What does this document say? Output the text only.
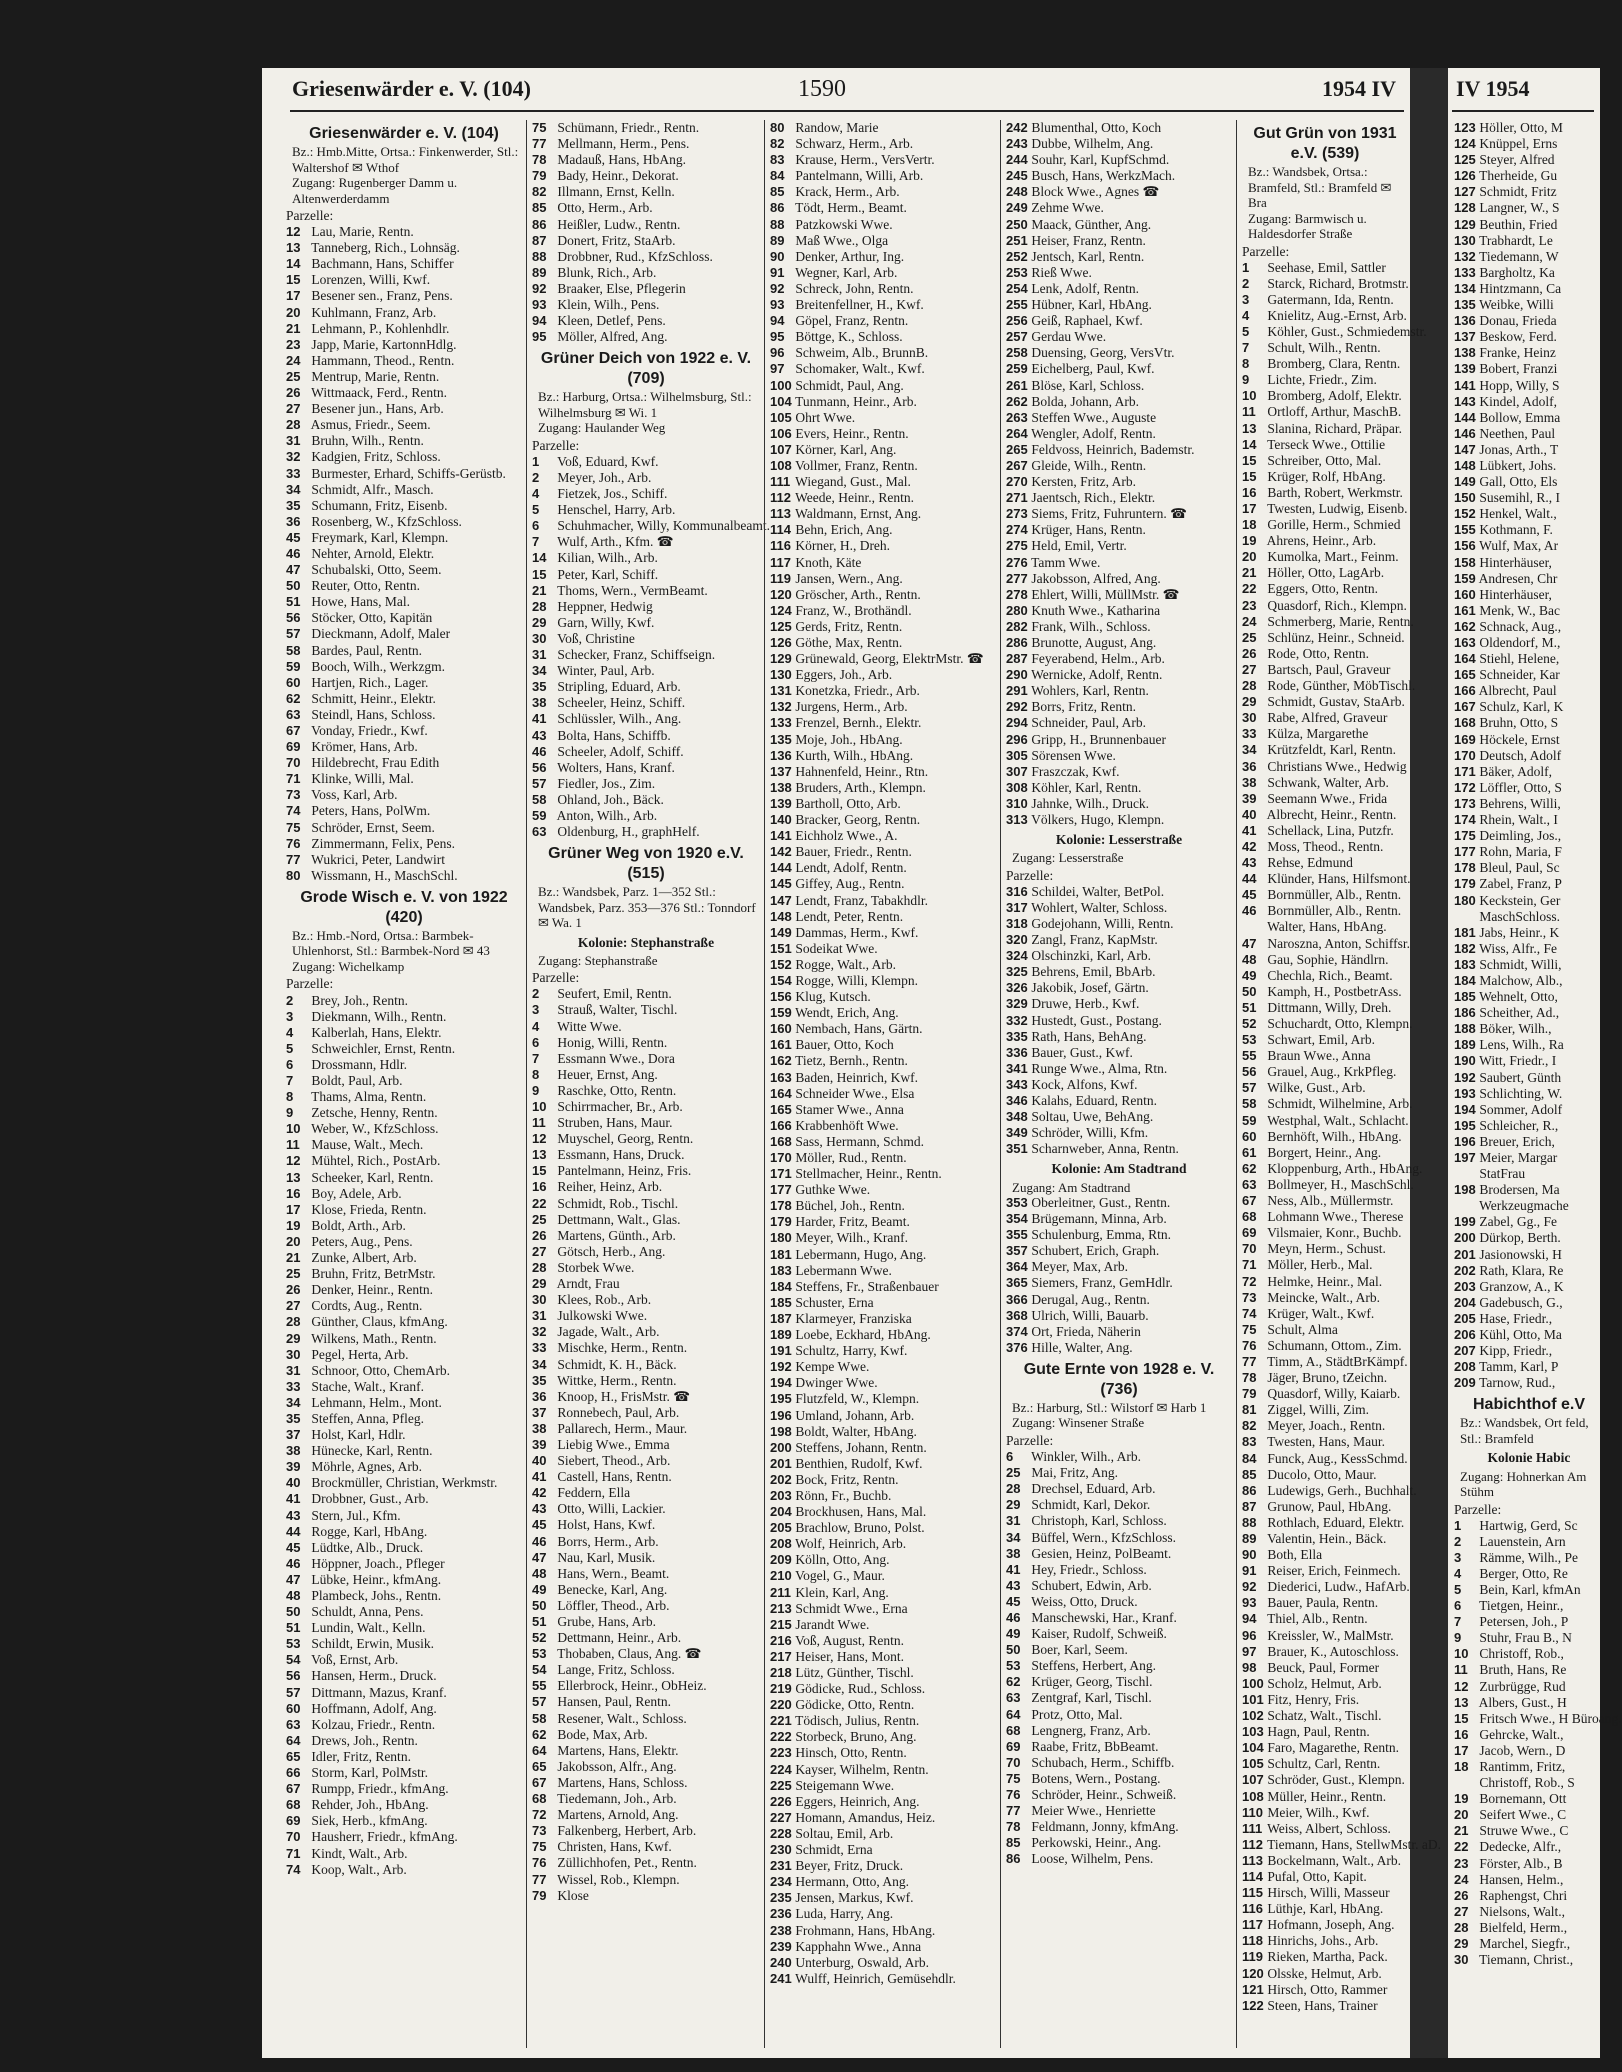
Griesenwärder e. V. (104)	1590	1954 IV
Griesenwärder e. V. (104)
Bz.: Hmb.Mitte, Ortsa.: Finkenwerder, Stl.: Waltershof ✉ Wthof
Zugang: Rugenberger Damm u. Altenwerderdamm
Parzelle:
12 Lau, Marie, Rentn.
13 Tanneberg, Rich., Lohnsäg.
14 Bachmann, Hans, Schiffer
15 Lorenzen, Willi, Kwf.
17 Besener sen., Franz, Pens.
20 Kuhlmann, Franz, Arb.
21 Lehmann, P., Kohlenhdlr.
23 Japp, Marie, KartonnHdlg.
24 Hammann, Theod., Rentn.
25 Mentrup, Marie, Rentn.
26 Wittmaack, Ferd., Rentn.
27 Besener jun., Hans, Arb.
28 Asmus, Friedr., Seem.
31 Bruhn, Wilh., Rentn.
32 Kadgien, Fritz, Schloss.
33 Burmester, Erhard, Schiffs-Gerüstb.
34 Schmidt, Alfr., Masch.
35 Schumann, Fritz, Eisenb.
36 Rosenberg, W., KfzSchloss.
45 Freymark, Karl, Klempn.
46 Nehter, Arnold, Elektr.
47 Schubalski, Otto, Seem.
50 Reuter, Otto, Rentn.
51 Howe, Hans, Mal.
56 Stöcker, Otto, Kapitän
57 Dieckmann, Adolf, Maler
58 Bardes, Paul, Rentn.
59 Booch, Wilh., Werkzgm.
60 Hartjen, Rich., Lager.
62 Schmitt, Heinr., Elektr.
63 Steindl, Hans, Schloss.
67 Vonday, Friedr., Kwf.
69 Krömer, Hans, Arb.
70 Hildebrecht, Frau Edith
71 Klinke, Willi, Mal.
73 Voss, Karl, Arb.
74 Peters, Hans, PolWm.
75 Schröder, Ernst, Seem.
76 Zimmermann, Felix, Pens.
77 Wukrici, Peter, Landwirt
80 Wissmann, H., MaschSchl.
Grode Wisch e. V. von 1922 (420)
Bz.: Hmb.-Nord, Ortsa.: Barmbek-Uhlenhorst, Stl.: Barmbek-Nord ✉ 43
Zugang: Wichelkamp
Parzelle:
2 Brey, Joh., Rentn.
3 Diekmann, Wilh., Rentn.
4 Kalberlah, Hans, Elektr.
5 Schweichler, Ernst, Rentn.
6 Drossmann, Hdlr.
7 Boldt, Paul, Arb.
8 Thams, Alma, Rentn.
9 Zetsche, Henny, Rentn.
10 Weber, W., KfzSchloss.
11 Mause, Walt., Mech.
12 Mühtel, Rich., PostArb.
13 Scheeker, Karl, Rentn.
16 Boy, Adele, Arb.
17 Klose, Frieda, Rentn.
19 Boldt, Arth., Arb.
20 Peters, Aug., Pens.
21 Zunke, Albert, Arb.
25 Bruhn, Fritz, BetrMstr.
26 Denker, Heinr., Rentn.
27 Cordts, Aug., Rentn.
28 Günther, Claus, kfmAng.
29 Wilkens, Math., Rentn.
30 Pegel, Herta, Arb.
31 Schnoor, Otto, ChemArb.
33 Stache, Walt., Kranf.
34 Lehmann, Helm., Mont.
35 Steffen, Anna, Pfleg.
37 Holst, Karl, Hdlr.
38 Hünecke, Karl, Rentn.
39 Möhrle, Agnes, Arb.
40 Brockmüller, Christian, Werkmstr.
41 Drobbner, Gust., Arb.
43 Stern, Jul., Kfm.
44 Rogge, Karl, HbAng.
45 Lüdtke, Alb., Druck.
46 Höppner, Joach., Pfleger
47 Lübke, Heinr., kfmAng.
48 Plambeck, Johs., Rentn.
50 Schuldt, Anna, Pens.
51 Lundin, Walt., Kelln.
53 Schildt, Erwin, Musik.
54 Voß, Ernst, Arb.
56 Hansen, Herm., Druck.
57 Dittmann, Mazus, Kranf.
60 Hoffmann, Adolf, Ang.
63 Kolzau, Friedr., Rentn.
64 Drews, Joh., Rentn.
65 Idler, Fritz, Rentn.
66 Storm, Karl, PolMstr.
67 Rumpp, Friedr., kfmAng.
68 Rehder, Joh., HbAng.
69 Siek, Herb., kfmAng.
70 Hausherr, Friedr., kfmAng.
71 Kindt, Walt., Arb.
74 Koop, Walt., Arb.
75 Schümann, Friedr., Rentn.
77 Mellmann, Herm., Pens.
78 Madauß, Hans, HbAng.
79 Bady, Heinr., Dekorat.
82 Illmann, Ernst, Kelln.
85 Otto, Herm., Arb.
86 Heißler, Ludw., Rentn.
87 Donert, Fritz, StaArb.
88 Drobbner, Rud., KfzSchloss.
89 Blunk, Rich., Arb.
92 Braaker, Else, Pflegerin
93 Klein, Wilh., Pens.
94 Kleen, Detlef, Pens.
95 Möller, Alfred, Ang.
Grüner Deich von 1922 e. V. (709)
Bz.: Harburg, Ortsa.: Wilhelmsburg, Stl.: Wilhelmsburg ✉ Wi. 1
Zugang: Haulander Weg
Parzelle:
1 Voß, Eduard, Kwf.
2 Meyer, Joh., Arb.
4 Fietzek, Jos., Schiff.
5 Henschel, Harry, Arb.
6 Schuhmacher, Willy, Kommunalbeamt.
7 Wulf, Arth., Kfm. ☎
14 Kilian, Wilh., Arb.
15 Peter, Karl, Schiff.
21 Thoms, Wern., VermBeamt.
28 Heppner, Hedwig
29 Garn, Willy, Kwf.
30 Voß, Christine
31 Schecker, Franz, Schiffseign.
34 Winter, Paul, Arb.
35 Stripling, Eduard, Arb.
38 Scheeler, Heinz, Schiff.
41 Schlüssler, Wilh., Ang.
43 Bolta, Hans, Schiffb.
46 Scheeler, Adolf, Schiff.
56 Wolters, Hans, Kranf.
57 Fiedler, Jos., Zim.
58 Ohland, Joh., Bäck.
59 Anton, Wilh., Arb.
63 Oldenburg, H., graphHelf.
Grüner Weg von 1920 e.V. (515)
Bz.: Wandsbek, Parz. 1—352 Stl.: Wandsbek, Parz. 353—376 Stl.: Tonndorf ✉ Wa. 1
Kolonie: Stephanstraße
Zugang: Stephanstraße
Parzelle:
2 Seufert, Emil, Rentn.
3 Strauß, Walter, Tischl.
4 Witte Wwe.
6 Honig, Willi, Rentn.
7 Essmann Wwe., Dora
8 Heuer, Ernst, Ang.
9 Raschke, Otto, Rentn.
10 Schirrmacher, Br., Arb.
11 Struben, Hans, Maur.
12 Muyschel, Georg, Rentn.
13 Essmann, Hans, Druck.
15 Pantelmann, Heinz, Fris.
16 Reiher, Heinz, Arb.
22 Schmidt, Rob., Tischl.
25 Dettmann, Walt., Glas.
26 Martens, Günth., Arb.
27 Götsch, Herb., Ang.
28 Storbek Wwe.
29 Arndt, Frau
30 Klees, Rob., Arb.
31 Julkowski Wwe.
32 Jagade, Walt., Arb.
33 Mischke, Herm., Rentn.
34 Schmidt, K. H., Bäck.
35 Wittke, Herm., Rentn.
36 Knoop, H., FrisMstr. ☎
37 Ronnebech, Paul, Arb.
38 Pallarech, Herm., Maur.
39 Liebig Wwe., Emma
40 Siebert, Theod., Arb.
41 Castell, Hans, Rentn.
42 Feddern, Ella
43 Otto, Willi, Lackier.
45 Holst, Hans, Kwf.
46 Borrs, Herm., Arb.
47 Nau, Karl, Musik.
48 Hans, Wern., Beamt.
49 Benecke, Karl, Ang.
50 Löffler, Theod., Arb.
51 Grube, Hans, Arb.
52 Dettmann, Heinr., Arb.
53 Thobaben, Claus, Ang. ☎
54 Lange, Fritz, Schloss.
55 Ellerbrock, Heinr., ObHeiz.
57 Hansen, Paul, Rentn.
58 Resener, Walt., Schloss.
62 Bode, Max, Arb.
64 Martens, Hans, Elektr.
65 Jakobsson, Alfr., Ang.
67 Martens, Hans, Schloss.
68 Tiedemann, Joh., Arb.
72 Martens, Arnold, Ang.
73 Falkenberg, Herbert, Arb.
75 Christen, Hans, Kwf.
76 Züllichhofen, Pet., Rentn.
77 Wissel, Rob., Klempn.
79 Klose
80 Randow, Marie
82 Schwarz, Herm., Arb.
83 Krause, Herm., VersVertr.
84 Pantelmann, Willi, Arb.
85 Krack, Herm., Arb.
86 Tödt, Herm., Beamt.
88 Patzkowski Wwe.
89 Maß Wwe., Olga
90 Denker, Arthur, Ing.
91 Wegner, Karl, Arb.
92 Schreck, John, Rentn.
93 Breitenfellner, H., Kwf.
94 Göpel, Franz, Rentn.
95 Böttge, K., Schloss.
96 Schweim, Alb., BrunnB.
97 Schomaker, Walt., Kwf.
100 Schmidt, Paul, Ang.
104 Tunmann, Heinr., Arb.
105 Ohrt Wwe.
106 Evers, Heinr., Rentn.
107 Körner, Karl, Ang.
108 Vollmer, Franz, Rentn.
111 Wiegand, Gust., Mal.
112 Weede, Heinr., Rentn.
113 Waldmann, Ernst, Ang.
114 Behn, Erich, Ang.
116 Körner, H., Dreh.
117 Knoth, Käte
119 Jansen, Wern., Ang.
120 Gröscher, Arth., Rentn.
124 Franz, W., Brothändl.
125 Gerds, Fritz, Rentn.
126 Göthe, Max, Rentn.
129 Grünewald, Georg, ElektrMstr. ☎
130 Eggers, Joh., Arb.
131 Konetzka, Friedr., Arb.
132 Jurgens, Herm., Arb.
133 Frenzel, Bernh., Elektr.
135 Moje, Joh., HbAng.
136 Kurth, Wilh., HbAng.
137 Hahnenfeld, Heinr., Rtn.
138 Bruders, Arth., Klempn.
139 Bartholl, Otto, Arb.
140 Bracker, Georg, Rentn.
141 Eichholz Wwe., A.
142 Bauer, Friedr., Rentn.
144 Lendt, Adolf, Rentn.
145 Giffey, Aug., Rentn.
147 Lendt, Franz, Tabakhdlr.
148 Lendt, Peter, Rentn.
149 Dammas, Herm., Kwf.
151 Sodeikat Wwe.
152 Rogge, Walt., Arb.
154 Rogge, Willi, Klempn.
156 Klug, Kutsch.
159 Wendt, Erich, Ang.
160 Nembach, Hans, Gärtn.
161 Bauer, Otto, Koch
162 Tietz, Bernh., Rentn.
163 Baden, Heinrich, Kwf.
164 Schneider Wwe., Elsa
165 Stamer Wwe., Anna
166 Krabbenhöft Wwe.
168 Sass, Hermann, Schmd.
170 Möller, Rud., Rentn.
171 Stellmacher, Heinr., Rentn.
177 Guthke Wwe.
178 Büchel, Joh., Rentn.
179 Harder, Fritz, Beamt.
180 Meyer, Wilh., Kranf.
181 Lebermann, Hugo, Ang.
183 Lebermann Wwe.
184 Steffens, Fr., Straßenbauer
185 Schuster, Erna
187 Klarmeyer, Franziska
189 Loebe, Eckhard, HbAng.
191 Schultz, Harry, Kwf.
192 Kempe Wwe.
194 Dwinger Wwe.
195 Flutzfeld, W., Klempn.
196 Umland, Johann, Arb.
198 Boldt, Walter, HbAng.
200 Steffens, Johann, Rentn.
201 Benthien, Rudolf, Kwf.
202 Bock, Fritz, Rentn.
203 Rönn, Fr., Buchb.
204 Brockhusen, Hans, Mal.
205 Brachlow, Bruno, Polst.
208 Wolf, Heinrich, Arb.
209 Kölln, Otto, Ang.
210 Vogel, G., Maur.
211 Klein, Karl, Ang.
213 Schmidt Wwe., Erna
215 Jarandt Wwe.
216 Voß, August, Rentn.
217 Heiser, Hans, Mont.
218 Lütz, Günther, Tischl.
219 Gödicke, Rud., Schloss.
220 Gödicke, Otto, Rentn.
221 Tödisch, Julius, Rentn.
222 Storbeck, Bruno, Ang.
223 Hinsch, Otto, Rentn.
224 Kayser, Wilhelm, Rentn.
225 Steigemann Wwe.
226 Eggers, Heinrich, Ang.
227 Homann, Amandus, Heiz.
228 Soltau, Emil, Arb.
230 Schmidt, Erna
231 Beyer, Fritz, Druck.
234 Hermann, Otto, Ang.
235 Jensen, Markus, Kwf.
236 Luda, Harry, Ang.
238 Frohmann, Hans, HbAng.
239 Kapphahn Wwe., Anna
240 Unterburg, Oswald, Arb.
241 Wulff, Heinrich, Gemüsehdlr.
242 Blumenthal, Otto, Koch
243 Dubbe, Wilhelm, Ang.
244 Souhr, Karl, KupfSchmd.
245 Busch, Hans, WerkzMach.
248 Block Wwe., Agnes ☎
249 Zehme Wwe.
250 Maack, Günther, Ang.
251 Heiser, Franz, Rentn.
252 Jentsch, Karl, Rentn.
253 Rieß Wwe.
254 Lenk, Adolf, Rentn.
255 Hübner, Karl, HbAng.
256 Geiß, Raphael, Kwf.
257 Gerdau Wwe.
258 Duensing, Georg, VersVtr.
259 Eichelberg, Paul, Kwf.
261 Blöse, Karl, Schloss.
262 Bolda, Johann, Arb.
263 Steffen Wwe., Auguste
264 Wengler, Adolf, Rentn.
265 Feldvoss, Heinrich, Bademstr.
267 Gleide, Wilh., Rentn.
270 Kersten, Fritz, Arb.
271 Jaentsch, Rich., Elektr.
273 Siems, Fritz, Fuhruntern. ☎
274 Krüger, Hans, Rentn.
275 Held, Emil, Vertr.
276 Tamm Wwe.
277 Jakobsson, Alfred, Ang.
278 Ehlert, Willi, MüllMstr. ☎
280 Knuth Wwe., Katharina
282 Frank, Wilh., Schloss.
286 Brunotte, August, Ang.
287 Feyerabend, Helm., Arb.
290 Wernicke, Adolf, Rentn.
291 Wohlers, Karl, Rentn.
292 Borrs, Fritz, Rentn.
294 Schneider, Paul, Arb.
296 Gripp, H., Brunnenbauer
305 Sörensen Wwe.
307 Fraszczak, Kwf.
308 Köhler, Karl, Rentn.
310 Jahnke, Wilh., Druck.
313 Völkers, Hugo, Klempn.
Kolonie: Lesserstraße
Zugang: Lesserstraße
Parzelle:
316 Schildei, Walter, BetPol.
317 Wohlert, Walter, Schloss.
318 Godejohann, Willi, Rentn.
320 Zangl, Franz, KapMstr.
324 Olschinzki, Karl, Arb.
325 Behrens, Emil, BbArb.
326 Jakobik, Josef, Gärtn.
329 Druwe, Herb., Kwf.
332 Hustedt, Gust., Postang.
335 Rath, Hans, BehAng.
336 Bauer, Gust., Kwf.
341 Runge Wwe., Alma, Rtn.
343 Kock, Alfons, Kwf.
346 Kalahs, Eduard, Rentn.
348 Soltau, Uwe, BehAng.
349 Schröder, Willi, Kfm.
351 Scharnweber, Anna, Rentn.
Kolonie: Am Stadtrand
Zugang: Am Stadtrand
353 Oberleitner, Gust., Rentn.
354 Brügemann, Minna, Arb.
355 Schulenburg, Emma, Rtn.
357 Schubert, Erich, Graph.
364 Meyer, Max, Arb.
365 Siemers, Franz, GemHdlr.
366 Derugal, Aug., Rentn.
368 Ulrich, Willi, Bauarb.
374 Ort, Frieda, Näherin
376 Hille, Walter, Ang.
Gute Ernte von 1928 e. V. (736)
Bz.: Harburg, Stl.: Wilstorf ✉ Harb 1
Zugang: Winsener Straße
Parzelle:
6 Winkler, Wilh., Arb.
25 Mai, Fritz, Ang.
28 Drechsel, Eduard, Arb.
29 Schmidt, Karl, Dekor.
31 Christoph, Karl, Schloss.
34 Büffel, Wern., KfzSchloss.
38 Gesien, Heinz, PolBeamt.
41 Hey, Friedr., Schloss.
43 Schubert, Edwin, Arb.
45 Weiss, Otto, Druck.
46 Manschewski, Har., Kranf.
49 Kaiser, Rudolf, Schweiß.
50 Boer, Karl, Seem.
53 Steffens, Herbert, Ang.
62 Krüger, Georg, Tischl.
63 Zentgraf, Karl, Tischl.
64 Protz, Otto, Mal.
68 Lengnerg, Franz, Arb.
69 Raabe, Fritz, BbBeamt.
70 Schubach, Herm., Schiffb.
75 Botens, Wern., Postang.
76 Schröder, Heinr., Schweiß.
77 Meier Wwe., Henriette
78 Feldmann, Jonny, kfmAng.
85 Perkowski, Heinr., Ang.
86 Loose, Wilhelm, Pens.
Gut Grün von 1931 e.V. (539)
Bz.: Wandsbek, Ortsa.: Bramfeld, Stl.: Bramfeld ✉ Bra
Zugang: Barmwisch u. Haldesdorfer Straße
Parzelle:
1 Seehase, Emil, Sattler
2 Starck, Richard, Brotmstr.
3 Gatermann, Ida, Rentn.
4 Knielitz, Aug.-Ernst, Arb.
5 Köhler, Gust., Schmiedemstr.
7 Schult, Wilh., Rentn.
8 Bromberg, Clara, Rentn.
9 Lichte, Friedr., Zim.
10 Bromberg, Adolf, Elektr.
11 Ortloff, Arthur, MaschB.
13 Slanina, Richard, Präpar.
14 Terseck Wwe., Ottilie
15 Schreiber, Otto, Mal.
15 Krüger, Rolf, HbAng.
16 Barth, Robert, Werkmstr.
17 Twesten, Ludwig, Eisenb.
18 Gorille, Herm., Schmied
19 Ahrens, Heinr., Arb.
20 Kumolka, Mart., Feinm.
21 Höller, Otto, LagArb.
22 Eggers, Otto, Rentn.
23 Quasdorf, Rich., Klempn.
24 Schmerberg, Marie, Rentn.
25 Schlünz, Heinr., Schneid.
26 Rode, Otto, Rentn.
27 Bartsch, Paul, Graveur
28 Rode, Günther, MöbTischl.
29 Schmidt, Gustav, StaArb.
30 Rabe, Alfred, Graveur
33 Külza, Margarethe
34 Krützfeldt, Karl, Rentn.
36 Christians Wwe., Hedwig
38 Schwank, Walter, Arb.
39 Seemann Wwe., Frida
40 Albrecht, Heinr., Rentn.
41 Schellack, Lina, Putzfr.
42 Moss, Theod., Rentn.
43 Rehse, Edmund
44 Klünder, Hans, Hilfsmont.
45 Bornmüller, Alb., Rentn.
46 Bornmüller, Alb., Rentn.
Walter, Hans, HbAng.
47 Naroszna, Anton, Schiffsr.
48 Gau, Sophie, Händlrn.
49 Chechla, Rich., Beamt.
50 Kamph, H., PostbetrAss.
51 Dittmann, Willy, Dreh.
52 Schuchardt, Otto, Klempn.
53 Schwart, Emil, Arb.
55 Braun Wwe., Anna
56 Grauel, Aug., KrkPfleg.
57 Wilke, Gust., Arb.
58 Schmidt, Wilhelmine, Arb.
59 Westphal, Walt., Schlacht.
60 Bernhöft, Wilh., HbAng.
61 Borgert, Heinr., Ang.
62 Kloppenburg, Arth., HbAng.
63 Bollmeyer, H., MaschSchl.
67 Ness, Alb., Müllermstr.
68 Lohmann Wwe., Therese
69 Vilsmaier, Konr., Buchb.
70 Meyn, Herm., Schust.
71 Möller, Herb., Mal.
72 Helmke, Heinr., Mal.
73 Meincke, Walt., Arb.
74 Krüger, Walt., Kwf.
75 Schult, Alma
76 Schumann, Ottom., Zim.
77 Timm, A., StädtBrKämpf.
78 Jäger, Bruno, tZeichn.
79 Quasdorf, Willy, Kaiarb.
81 Ziggel, Willi, Zim.
82 Meyer, Joach., Rentn.
83 Twesten, Hans, Maur.
84 Funck, Aug., KessSchmd.
85 Ducolo, Otto, Maur.
86 Ludewigs, Gerh., Buchhalt.
87 Grunow, Paul, HbAng.
88 Rothlach, Eduard, Elektr.
89 Valentin, Hein., Bäck.
90 Both, Ella
91 Reiser, Erich, Feinmech.
92 Diederici, Ludw., HafArb.
93 Bauer, Paula, Rentn.
94 Thiel, Alb., Rentn.
96 Kreissler, W., MalMstr.
97 Brauer, K., Autoschloss.
98 Beuck, Paul, Former
100 Scholz, Helmut, Arb.
101 Fitz, Henry, Fris.
102 Schatz, Walt., Tischl.
103 Hagn, Paul, Rentn.
104 Faro, Magarethe, Rentn.
105 Schultz, Carl, Rentn.
107 Schröder, Gust., Klempn.
108 Müller, Heinr., Rentn.
110 Meier, Wilh., Kwf.
111 Weiss, Albert, Schloss.
112 Tiemann, Hans, StellwMstr. aD.
113 Bockelmann, Walt., Arb.
114 Pufal, Otto, Kapit.
115 Hirsch, Willi, Masseur
116 Lüthje, Karl, HbAng.
117 Hofmann, Joseph, Ang.
118 Hinrichs, Johs., Arb.
119 Rieken, Martha, Pack.
120 Olsske, Helmut, Arb.
121 Hirsch, Otto, Rammer
122 Steen, Hans, Trainer
IV 1954
123 Höller, Otto, M
124 Knüppel, Erns
125 Steyer, Alfred
126 Therheide, Gu
127 Schmidt, Fritz
128 Langner, W., S
129 Beuthin, Fried
130 Trabhardt, Le
132 Tiedemann, W
133 Bargholtz, Ka
134 Hintzmann, Ca
135 Weibke, Willi
136 Donau, Frieda
137 Beskow, Ferd.
138 Franke, Heinz
139 Bobert, Franzi
141 Hopp, Willy, S
143 Kindel, Adolf,
144 Bollow, Emma
146 Neethen, Paul
147 Jonas, Arth., T
148 Lübkert, Johs.
149 Gall, Otto, Els
150 Susemihl, R., I
152 Henkel, Walt.,
155 Kothmann, F.
156 Wulf, Max, Ar
158 Hinterhäuser,
159 Andresen, Chr
160 Hinterhäuser,
161 Menk, W., Bac
162 Schnack, Aug.,
163 Oldendorf, M.,
164 Stiehl, Helene,
165 Schneider, Kar
166 Albrecht, Paul
167 Schulz, Karl, K
168 Bruhn, Otto, S
169 Höckele, Ernst
170 Deutsch, Adolf
171 Bäker, Adolf,
172 Löffler, Otto, S
173 Behrens, Willi,
174 Rhein, Walt., I
175 Deimling, Jos.,
177 Rohn, Maria, F
178 Bleul, Paul, Sc
179 Zabel, Franz, P
180 Keckstein, Ger
MaschSchloss.
181 Jabs, Heinr., K
182 Wiss, Alfr., Fe
183 Schmidt, Willi,
184 Malchow, Alb.,
185 Wehnelt, Otto,
186 Scheither, Ad.,
188 Böker, Wilh.,
189 Lens, Wilh., Ra
190 Witt, Friedr., I
192 Saubert, Günth
193 Schlichting, W.
194 Sommer, Adolf
195 Schleicher, R.,
196 Breuer, Erich,
197 Meier, Margar
StatFrau
198 Brodersen, Ma
Werkzeugmache
199 Zabel, Gg., Fe
200 Dürkop, Berth.
201 Jasionowski, H
202 Rath, Klara, Re
203 Granzow, A., K
204 Gadebusch, G.,
205 Hase, Friedr.,
206 Kühl, Otto, Ma
207 Kipp, Friedr.,
208 Tamm, Karl, P
209 Tarnow, Rud.,
Habichthof e.V
Bz.: Wandsbek, Ort feld, Stl.: Bramfeld
Kolonie Habic
Zugang: Hohnerkan Am Stühm
Parzelle:
1 Hartwig, Gerd, Sc
2 Lauenstein, Arn
3 Rämme, Wilh., Pe
4 Berger, Otto, Re
5 Bein, Karl, kfmAn
6 Tietgen, Heinr.,
7 Petersen, Joh., P
9 Stuhr, Frau B., N
10 Christoff, Rob.,
11 Bruth, Hans, Re
12 Zurbrügge, Rud
13 Albers, Gust., H
15 Fritsch Wwe., H Büroang.
16 Gehrcke, Walt.,
17 Jacob, Wern., D
18 Rantimm, Fritz,
Christoff, Rob., S
19 Bornemann, Ott
20 Seifert Wwe., C
21 Struwe Wwe., C
22 Dedecke, Alfr.,
23 Förster, Alb., B
24 Hansen, Helm.,
26 Raphengst, Chri
27 Nielsons, Walt.,
28 Bielfeld, Herm.,
29 Marchel, Siegfr.,
30 Tiemann, Christ.,
